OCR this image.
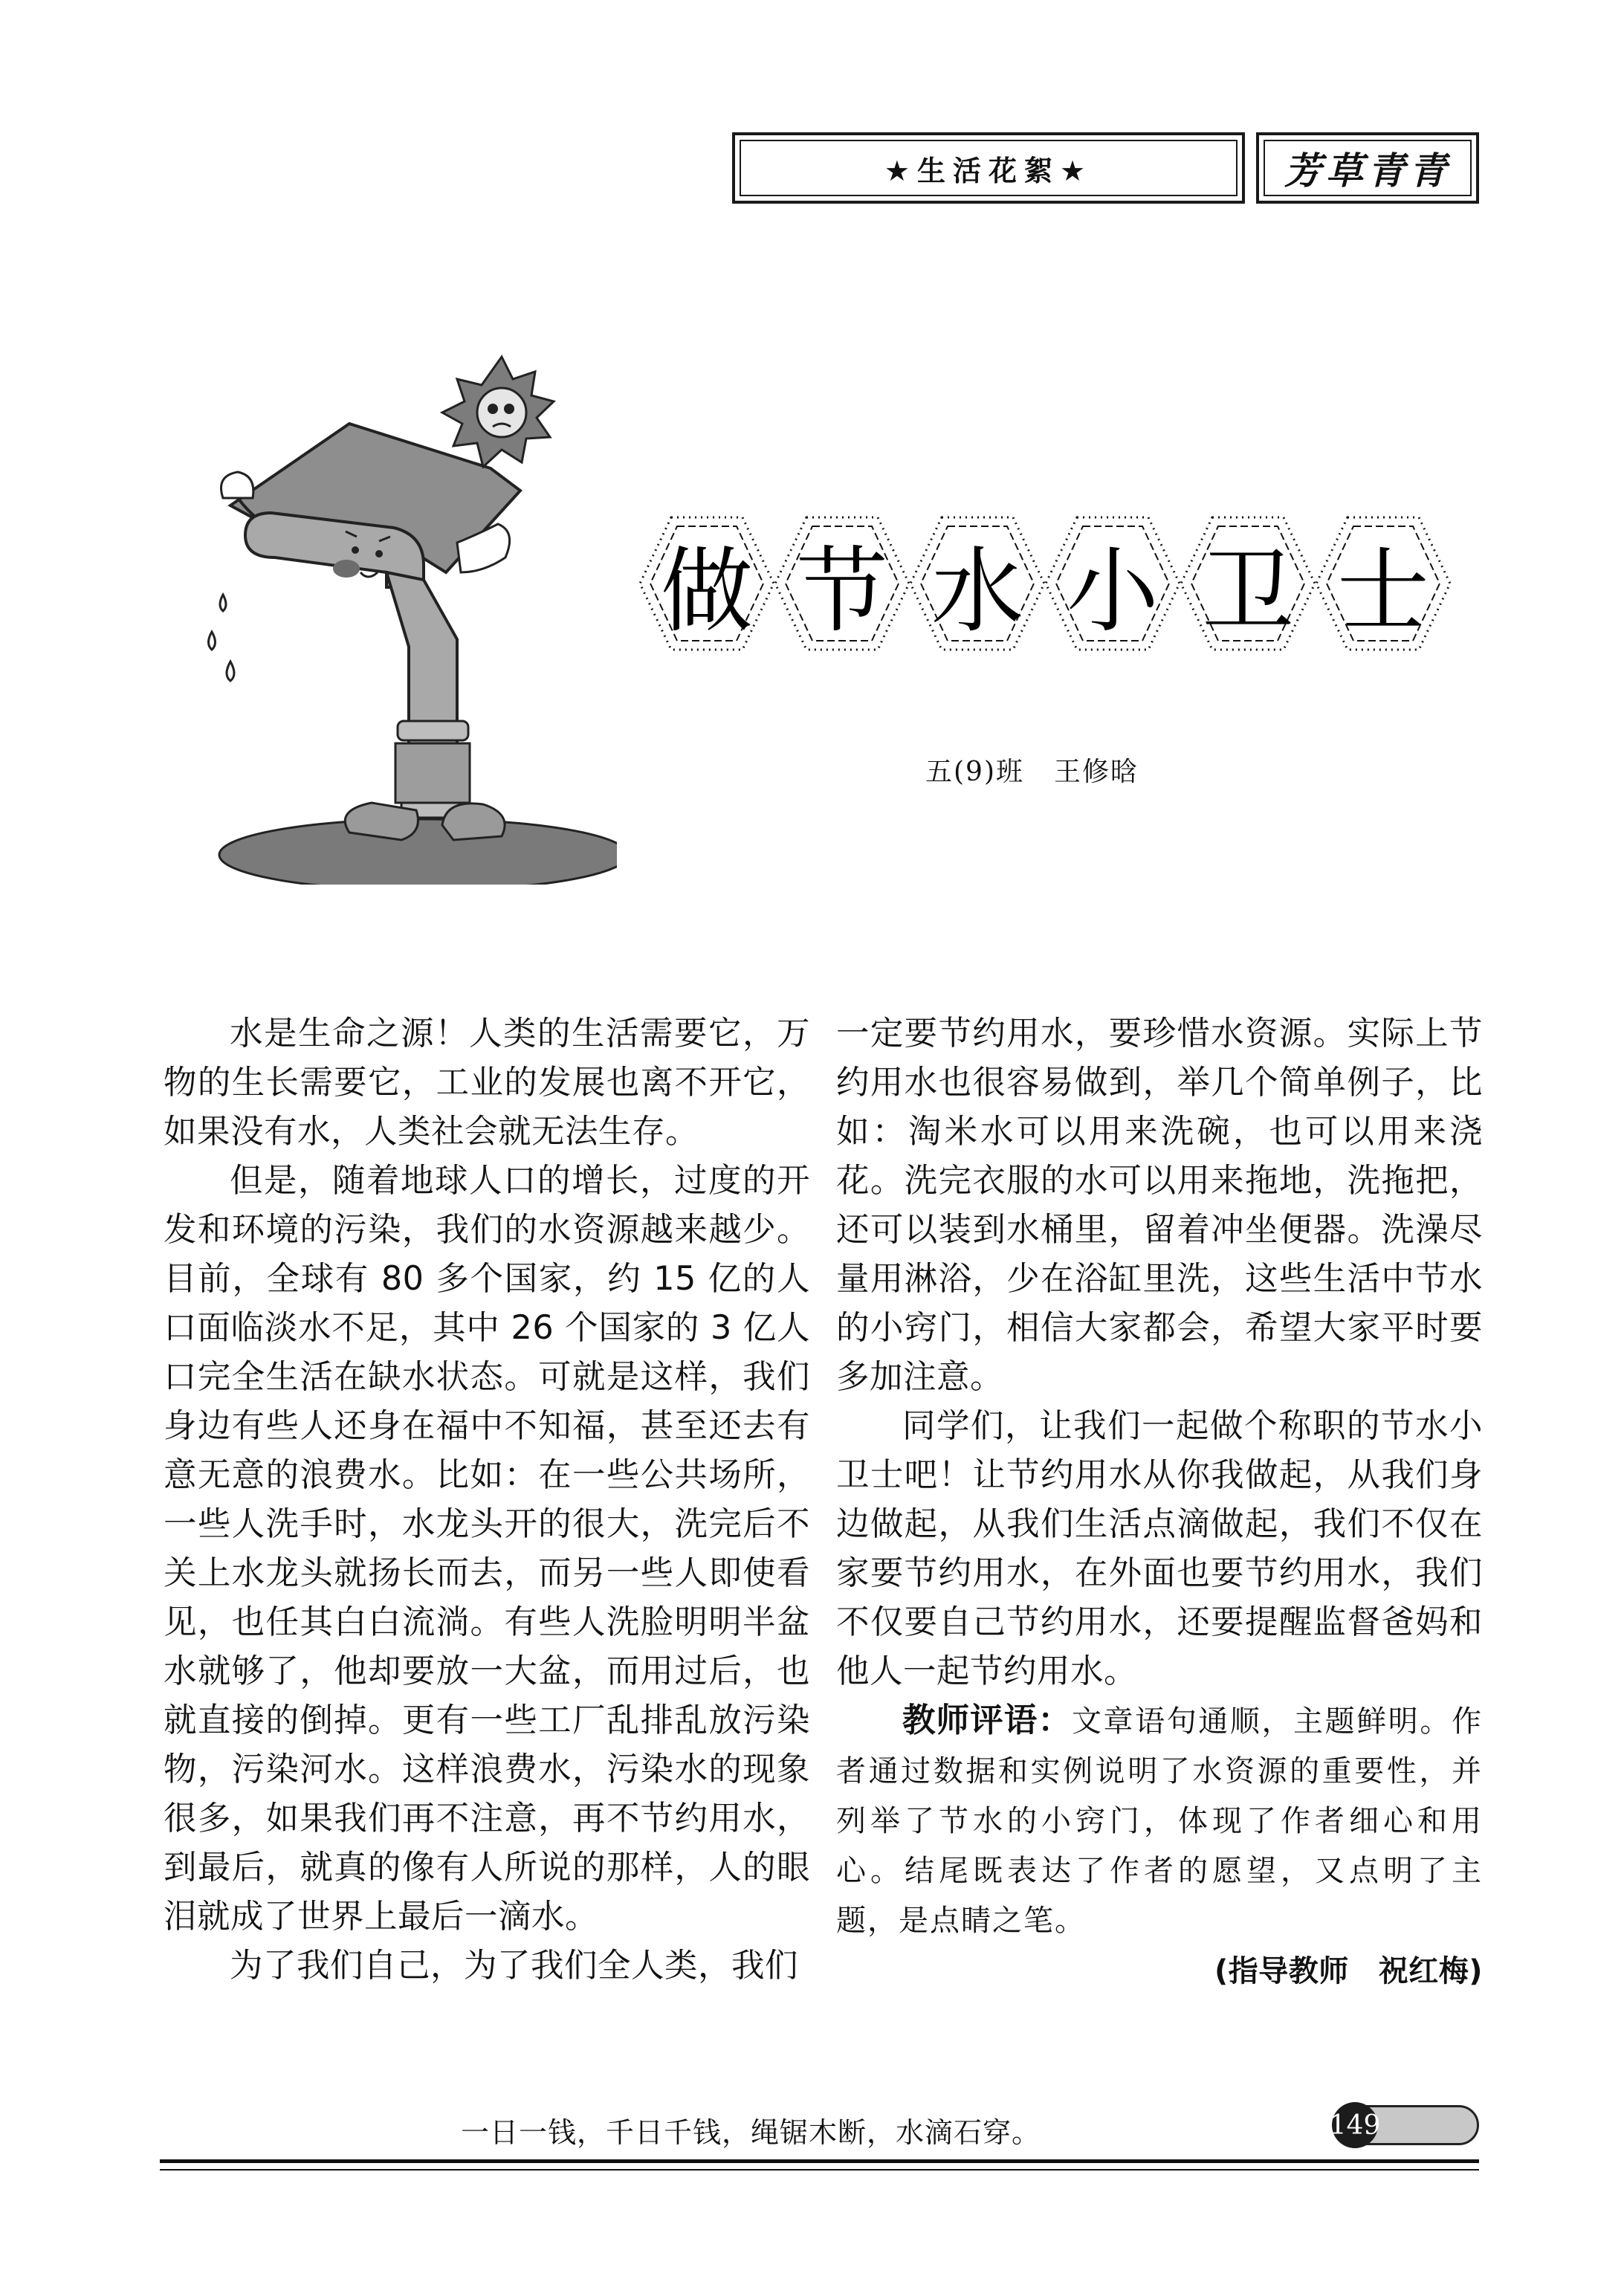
★生活花絮★	芳草青青
做 节 水 小 卫 士
五(9)班 王修晗

水是生命之源！人类的生活需要它，万物的生长需要它，工业的发展也离不开它，如果没有水，人类社会就无法生存。

但是，随着地球人口的增长，过度的开发和环境的污染，我们的水资源越来越少。目前，全球有 80 多个国家，约 15 亿的人口面临淡水不足，其中 26 个国家的 3 亿人口完全生活在缺水状态。可就是这样，我们身边有些人还身在福中不知福，甚至还去有意无意的浪费水。比如：在一些公共场所，一些人洗手时，水龙头开的很大，洗完后不关上水龙头就扬长而去，而另一些人即使看见，也任其白白流淌。有些人洗脸明明半盆水就够了，他却要放一大盆，而用过后，也就直接的倒掉。更有一些工厂乱排乱放污染物，污染河水。这样浪费水，污染水的现象很多，如果我们再不注意，再不节约用水，到最后，就真的像有人所说的那样，人的眼泪就成了世界上最后一滴水。

为了我们自己，为了我们全人类，我们

一定要节约用水，要珍惜水资源。实际上节约用水也很容易做到，举几个简单例子，比如：淘米水可以用来洗碗，也可以用来浇花。洗完衣服的水可以用来拖地，洗拖把，还可以装到水桶里，留着冲坐便器。洗澡尽量用淋浴，少在浴缸里洗，这些生活中节水的小窍门，相信大家都会，希望大家平时要多加注意。

同学们，让我们一起做个称职的节水小卫士吧！让节约用水从你我做起，从我们身边做起，从我们生活点滴做起，我们不仅在家要节约用水，在外面也要节约用水，我们不仅要自己节约用水，还要提醒监督爸妈和他人一起节约用水。

教师评语：文章语句通顺，主题鲜明。作者通过数据和实例说明了水资源的重要性，并列举了节水的小窍门，体现了作者细心和用心。结尾既表达了作者的愿望，又点明了主题，是点睛之笔。

(指导教师 祝红梅)
一日一钱，千日千钱，绳锯木断，水滴石穿。	149
